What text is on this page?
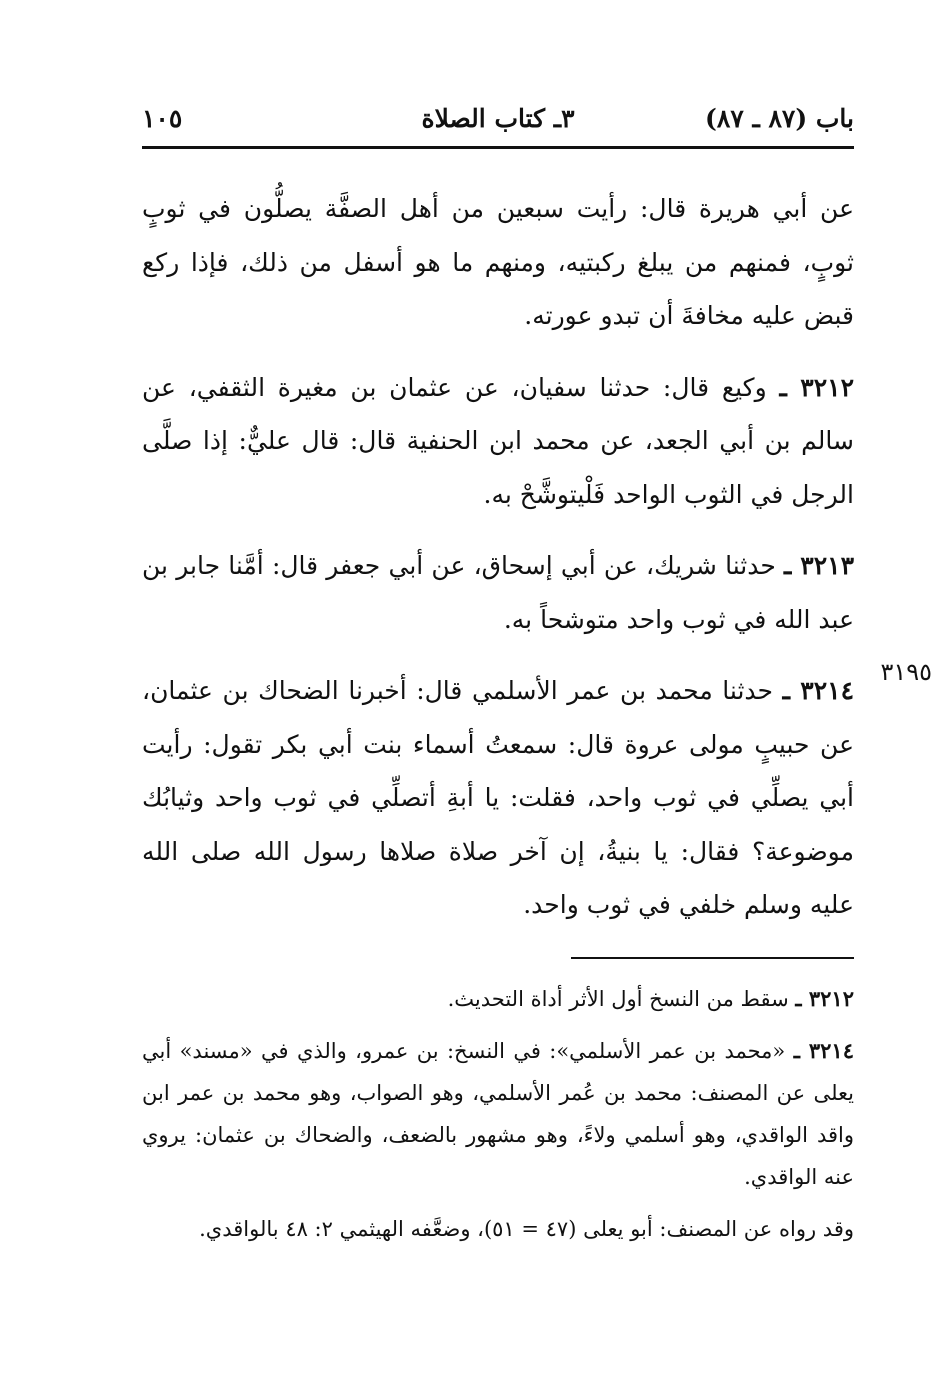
باب (٨٧ ـ ٨٧)
٣ـ كتاب الصلاة
١٠٥

عن أبي هريرة قال: رأيت سبعين من أهل الصفَّة يصلُّون في ثوبٍ ثوبٍ، فمنهم من يبلغ ركبتيه، ومنهم ما هو أسفل من ذلك، فإذا ركع قبض عليه مخافةَ أن تبدو عورته.

٣٢١٢ ـ وكيع قال: حدثنا سفيان، عن عثمان بن مغيرة الثقفي، عن سالم بن أبي الجعد، عن محمد ابن الحنفية قال: قال عليٌّ: إذا صلَّى الرجل في الثوب الواحد فَلْيتوشَّحْ به.

٣٢١٣ ـ حدثنا شريك، عن أبي إسحاق، عن أبي جعفر قال: أمَّنا جابر بن عبد الله في ثوب واحد متوشحاً به.

٣٢١٤ ـ حدثنا محمد بن عمر الأسلمي قال: أخبرنا الضحاك بن عثمان، عن حبيبٍ مولى عروة قال: سمعتُ أسماء بنت أبي بكر تقول: رأيت أبي يصلِّي في ثوب واحد، فقلت: يا أبةِ أتصلِّي في ثوب واحد وثيابُك موضوعة؟ فقال: يا بنيةُ، إن آخر صلاة صلاها رسول الله صلى الله عليه وسلم خلفي في ثوب واحد.

٣١٩٥

٣٢١٢ ـ سقط من النسخ أول الأثر أداة التحديث.

٣٢١٤ ـ «محمد بن عمر الأسلمي»: في النسخ: بن عمرو، والذي في «مسند» أبي يعلى عن المصنف: محمد بن عُمر الأسلمي، وهو الصواب، وهو محمد بن عمر ابن واقد الواقدي، وهو أسلمي ولاءً، وهو مشهور بالضعف، والضحاك بن عثمان: يروي عنه الواقدي.

وقد رواه عن المصنف: أبو يعلى (٤٧ = ٥١)، وضعَّفه الهيثمي ٢: ٤٨ بالواقدي.
